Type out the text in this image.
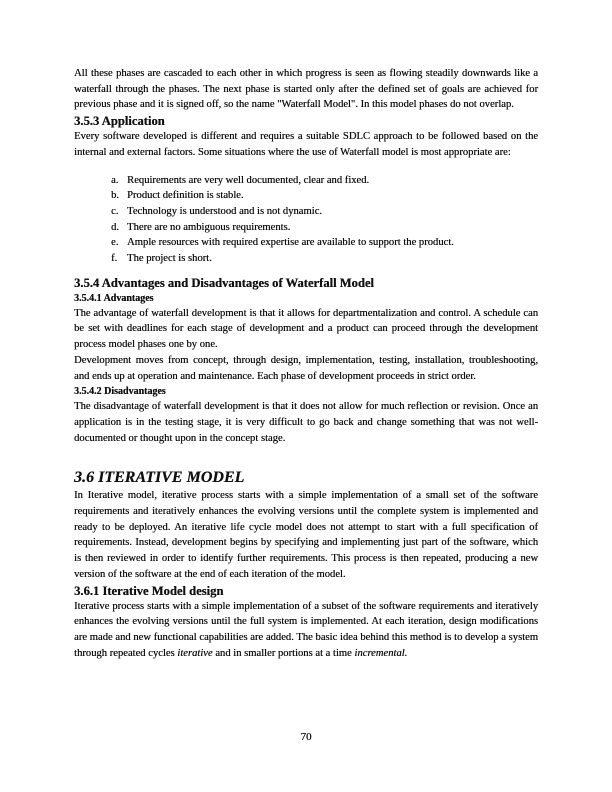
All these phases are cascaded to each other in which progress is seen as flowing steadily downwards like a waterfall through the phases. The next phase is started only after the defined set of goals are achieved for previous phase and it is signed off, so the name "Waterfall Model". In this model phases do not overlap.

3.5.3 Application

Every software developed is different and requires a suitable SDLC approach to be followed based on the internal and external factors. Some situations where the use of Waterfall model is most appropriate are:

a. Requirements are very well documented, clear and fixed.
b. Product definition is stable.
c. Technology is understood and is not dynamic.
d. There are no ambiguous requirements.
e. Ample resources with required expertise are available to support the product.
f. The project is short.
3.5.4 Advantages and Disadvantages of Waterfall Model
3.5.4.1 Advantages

The advantage of waterfall development is that it allows for departmentalization and control. A schedule can be set with deadlines for each stage of development and a product can proceed through the development process model phases one by one.

Development moves from concept, through design, implementation, testing, installation, troubleshooting, and ends up at operation and maintenance. Each phase of development proceeds in strict order.

3.5.4.2 Disadvantages

The disadvantage of waterfall development is that it does not allow for much reflection or revision. Once an application is in the testing stage, it is very difficult to go back and change something that was not well-documented or thought upon in the concept stage.

3.6 ITERATIVE MODEL

In Iterative model, iterative process starts with a simple implementation of a small set of the software requirements and iteratively enhances the evolving versions until the complete system is implemented and ready to be deployed. An iterative life cycle model does not attempt to start with a full specification of requirements. Instead, development begins by specifying and implementing just part of the software, which is then reviewed in order to identify further requirements. This process is then repeated, producing a new version of the software at the end of each iteration of the model.

3.6.1 Iterative Model design

Iterative process starts with a simple implementation of a subset of the software requirements and iteratively enhances the evolving versions until the full system is implemented. At each iteration, design modifications are made and new functional capabilities are added. The basic idea behind this method is to develop a system through repeated cycles iterative and in smaller portions at a time incremental.

70
